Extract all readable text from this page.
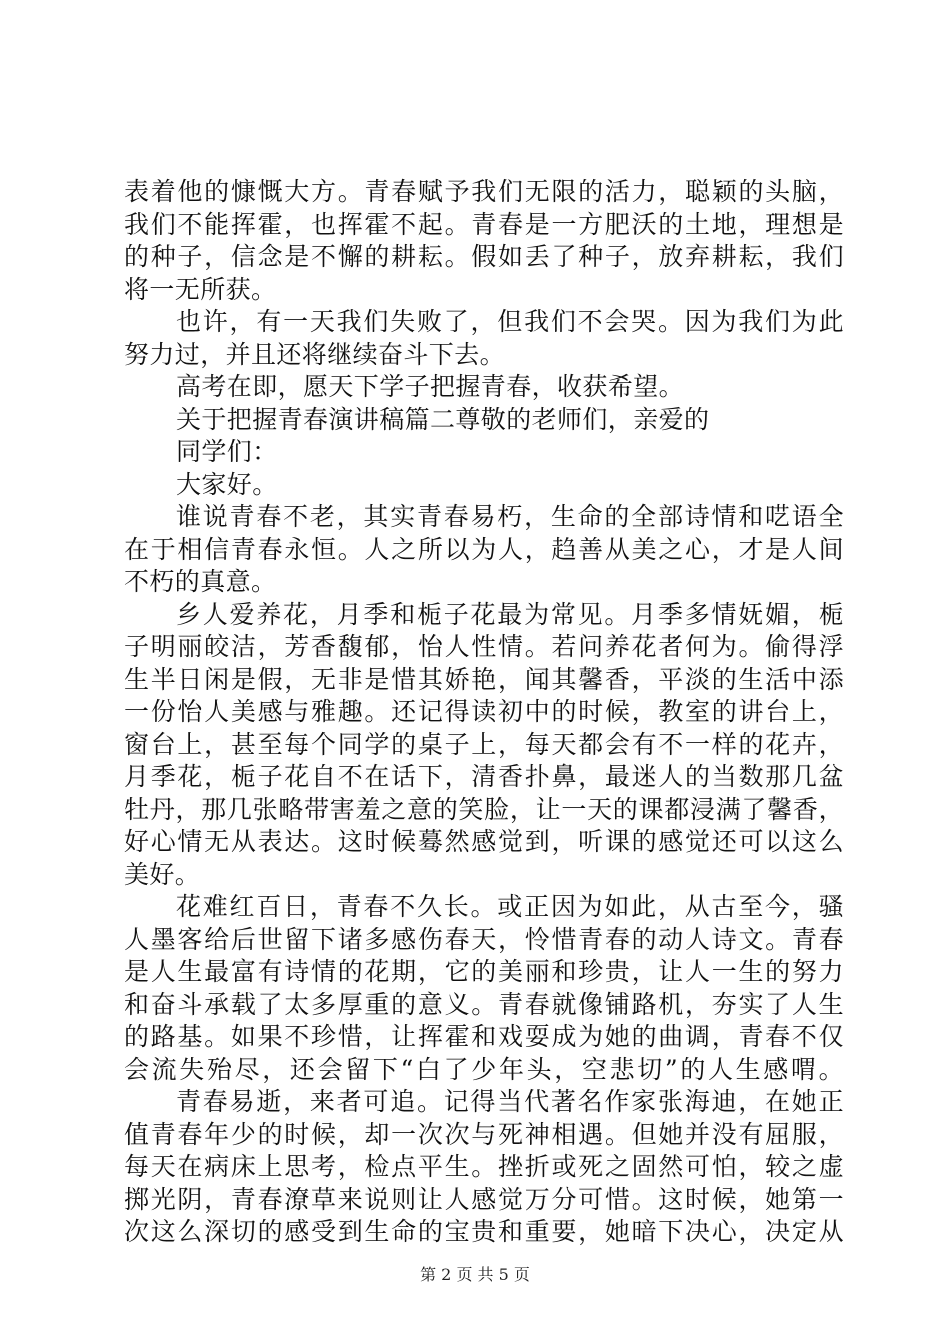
表着他的慷慨大方。青春赋予我们无限的活力，聪颖的头脑，
我们不能挥霍，也挥霍不起。青春是一方肥沃的土地，理想是
的种子，信念是不懈的耕耘。假如丢了种子，放弃耕耘，我们
将一无所获。
也许，有一天我们失败了，但我们不会哭。因为我们为此
努力过，并且还将继续奋斗下去。
高考在即，愿天下学子把握青春，收获希望。
关于把握青春演讲稿篇二尊敬的老师们，亲爱的
同学们：
大家好。
谁说青春不老，其实青春易朽，生命的全部诗情和呓语全
在于相信青春永恒。人之所以为人，趋善从美之心，才是人间
不朽的真意。
乡人爱养花，月季和栀子花最为常见。月季多情妩媚，栀
子明丽皎洁，芳香馥郁，怡人性情。若问养花者何为。偷得浮
生半日闲是假，无非是惜其娇艳，闻其馨香，平淡的生活中添
一份怡人美感与雅趣。还记得读初中的时候，教室的讲台上，
窗台上，甚至每个同学的桌子上，每天都会有不一样的花卉，
月季花，栀子花自不在话下，清香扑鼻，最迷人的当数那几盆
牡丹，那几张略带害羞之意的笑脸，让一天的课都浸满了馨香，
好心情无从表达。这时候蓦然感觉到，听课的感觉还可以这么
美好。
花难红百日，青春不久长。或正因为如此，从古至今，骚
人墨客给后世留下诸多感伤春天，怜惜青春的动人诗文。青春
是人生最富有诗情的花期，它的美丽和珍贵，让人一生的努力
和奋斗承载了太多厚重的意义。青春就像铺路机，夯实了人生
的路基。如果不珍惜，让挥霍和戏耍成为她的曲调，青春不仅
会流失殆尽，还会留下“白了少年头，空悲切”的人生感喟。
青春易逝，来者可追。记得当代著名作家张海迪，在她正
值青春年少的时候，却一次次与死神相遇。但她并没有屈服，
每天在病床上思考，检点平生。挫折或死之固然可怕，较之虚
掷光阴，青春潦草来说则让人感觉万分可惜。这时候，她第一
次这么深切的感受到生命的宝贵和重要，她暗下决心，决定从
第 2 页 共 5 页
